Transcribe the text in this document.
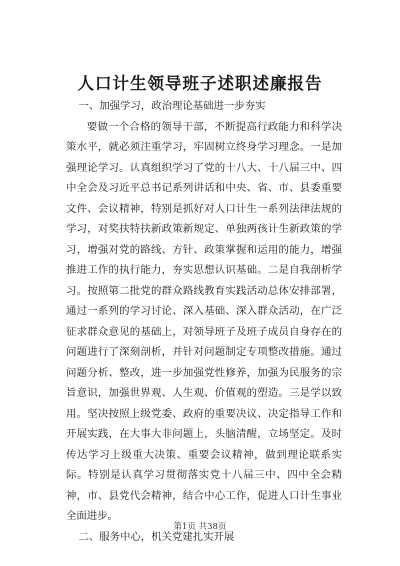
人口计生领导班子述职述廉报告

一、加强学习，政治理论基础进一步夯实

要做一个合格的领导干部，不断提高行政能力和科学决策水平，就必须注重学习，牢固树立终身学习理念。一是加强理论学习。认真组织学习了党的十八大、十八届三中、四中全会及习近平总书记系列讲话和中央、省、市、县委重要文件、会议精神，特别是抓好对人口计生一系列法律法规的学习，对奖扶特扶新政策新规定、单独两孩计生新政策的学习，增强对党的路线、方针、政策掌握和运用的能力，增强推进工作的执行能力，夯实思想认识基础。二是自我剖析学习。按照第二批党的群众路线教育实践活动总体安排部署，通过一系列的学习讨论、深入基础、深入群众活动，在广泛征求群众意见的基础上，对领导班子及班子成员自身存在的问题进行了深刻剖析，并针对问题制定专项整改措施。通过问题分析、整改，进一步加强党性修养，加强为民服务的宗旨意识，加强世界观、人生观、价值观的塑造。三是学以致用。坚决按照上级党委、政府的重要决议、决定指导工作和开展实践，在大事大非问题上，头脑清醒，立场坚定。及时传达学习上级重大决策、重要会议精神，做到理论联系实际。特别是认真学习贯彻落实党十八届三中、四中全会精神，市、县党代会精神，结合中心工作，促进人口计生事业全面进步。

二、服务中心，机关党建扎实开展

第1页 共38页
